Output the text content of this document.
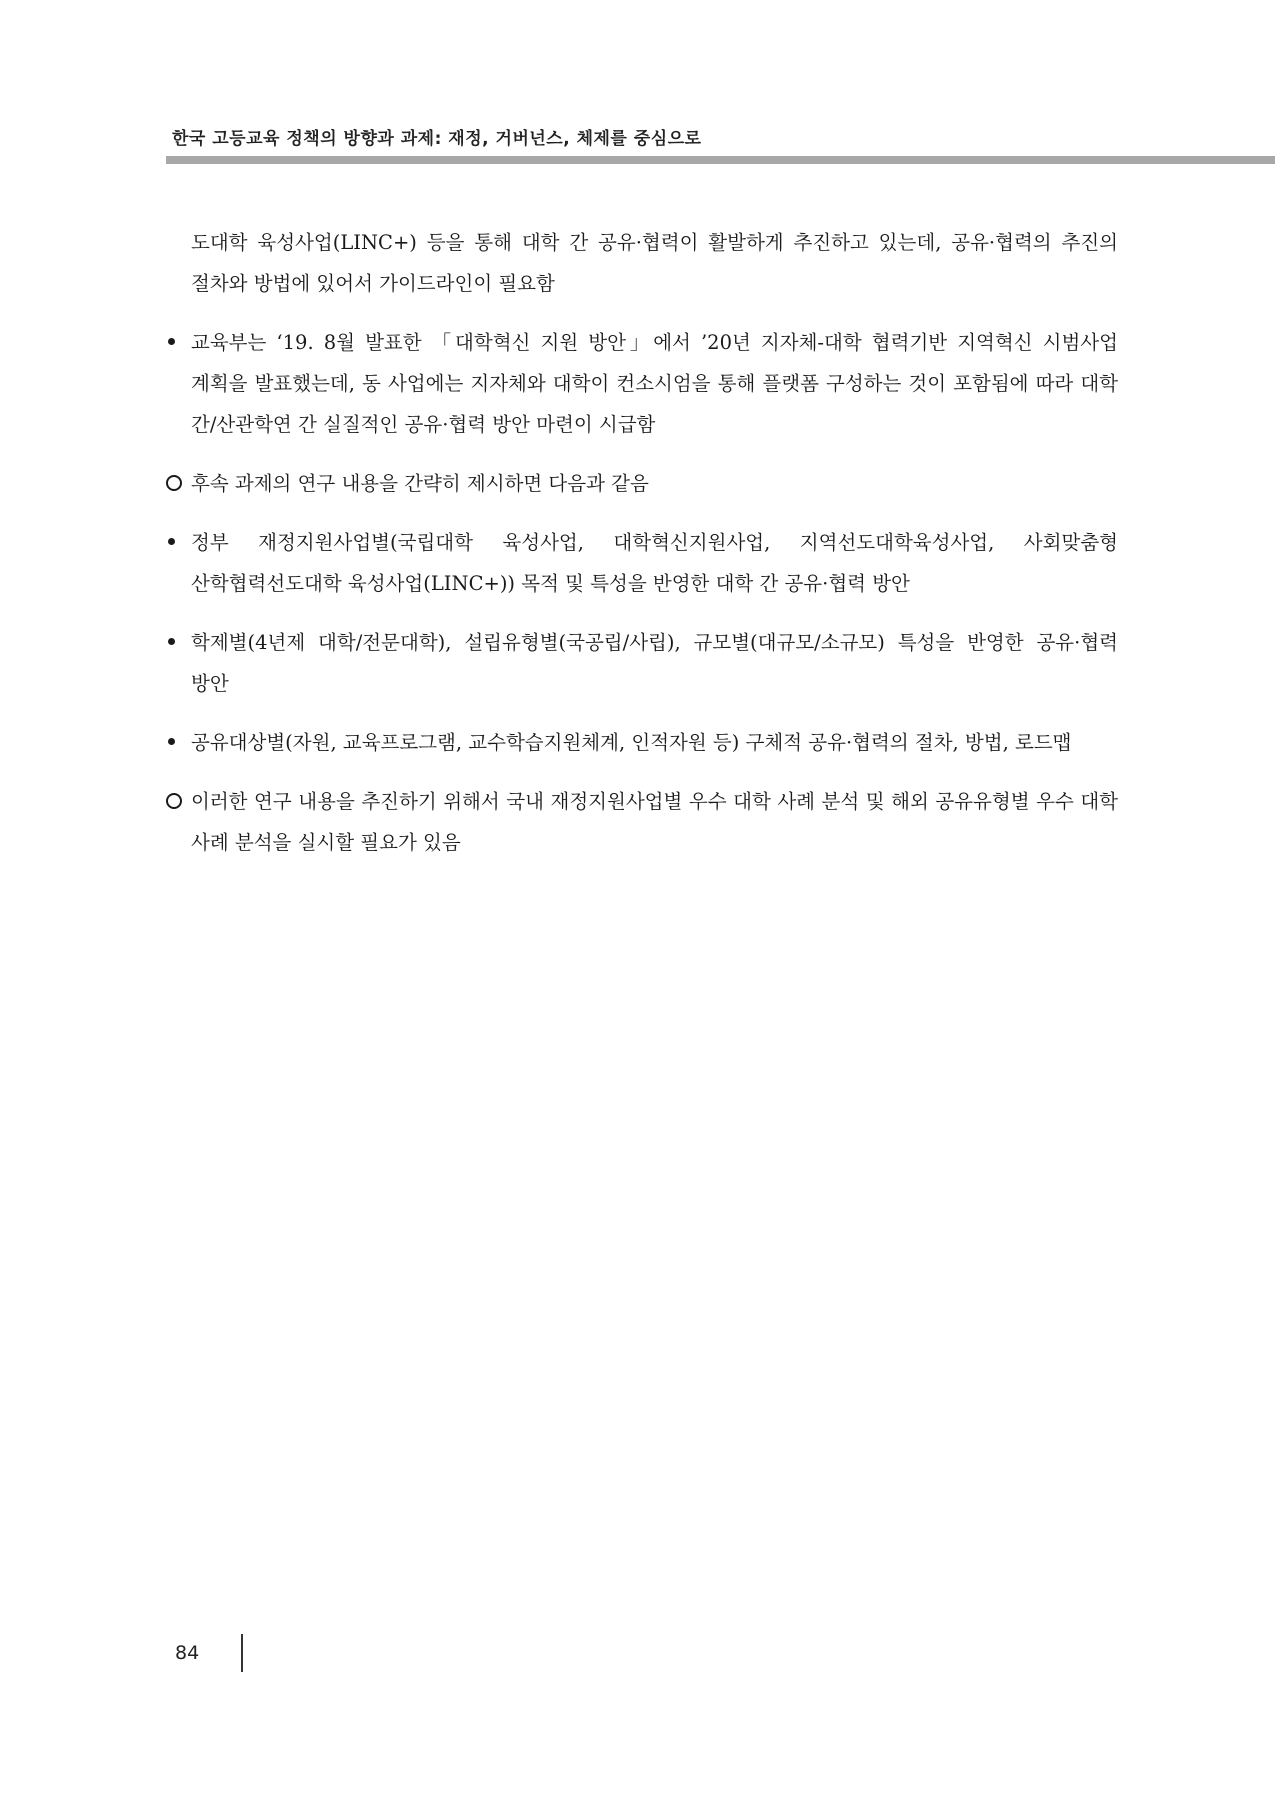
한국 고등교육 정책의 방향과 과제: 재정, 거버넌스, 체제를 중심으로
도대학 육성사업(LINC+) 등을 통해 대학 간 공유·협력이 활발하게 추진하고 있는데, 공유·협력의 추진의 절차와 방법에 있어서 가이드라인이 필요함
교육부는 ‘19. 8월 발표한 「대학혁신 지원 방안」에서 ’20년 지자체-대학 협력기반 지역혁신 시범사업 계획을 발표했는데, 동 사업에는 지자체와 대학이 컨소시엄을 통해 플랫폼 구성하는 것이 포함됨에 따라 대학 간/산관학연 간 실질적인 공유·협력 방안 마련이 시급함
후속 과제의 연구 내용을 간략히 제시하면 다음과 같음
정부 재정지원사업별(국립대학 육성사업, 대학혁신지원사업, 지역선도대학육성사업, 사회맞춤형 산학협력선도대학 육성사업(LINC+)) 목적 및 특성을 반영한 대학 간 공유·협력 방안
학제별(4년제 대학/전문대학), 설립유형별(국공립/사립), 규모별(대규모/소규모) 특성을 반영한 공유·협력 방안
공유대상별(자원, 교육프로그램, 교수학습지원체계, 인적자원 등) 구체적 공유·협력의 절차, 방법, 로드맵
이러한 연구 내용을 추진하기 위해서 국내 재정지원사업별 우수 대학 사례 분석 및 해외 공유유형별 우수 대학 사례 분석을 실시할 필요가 있음
84
